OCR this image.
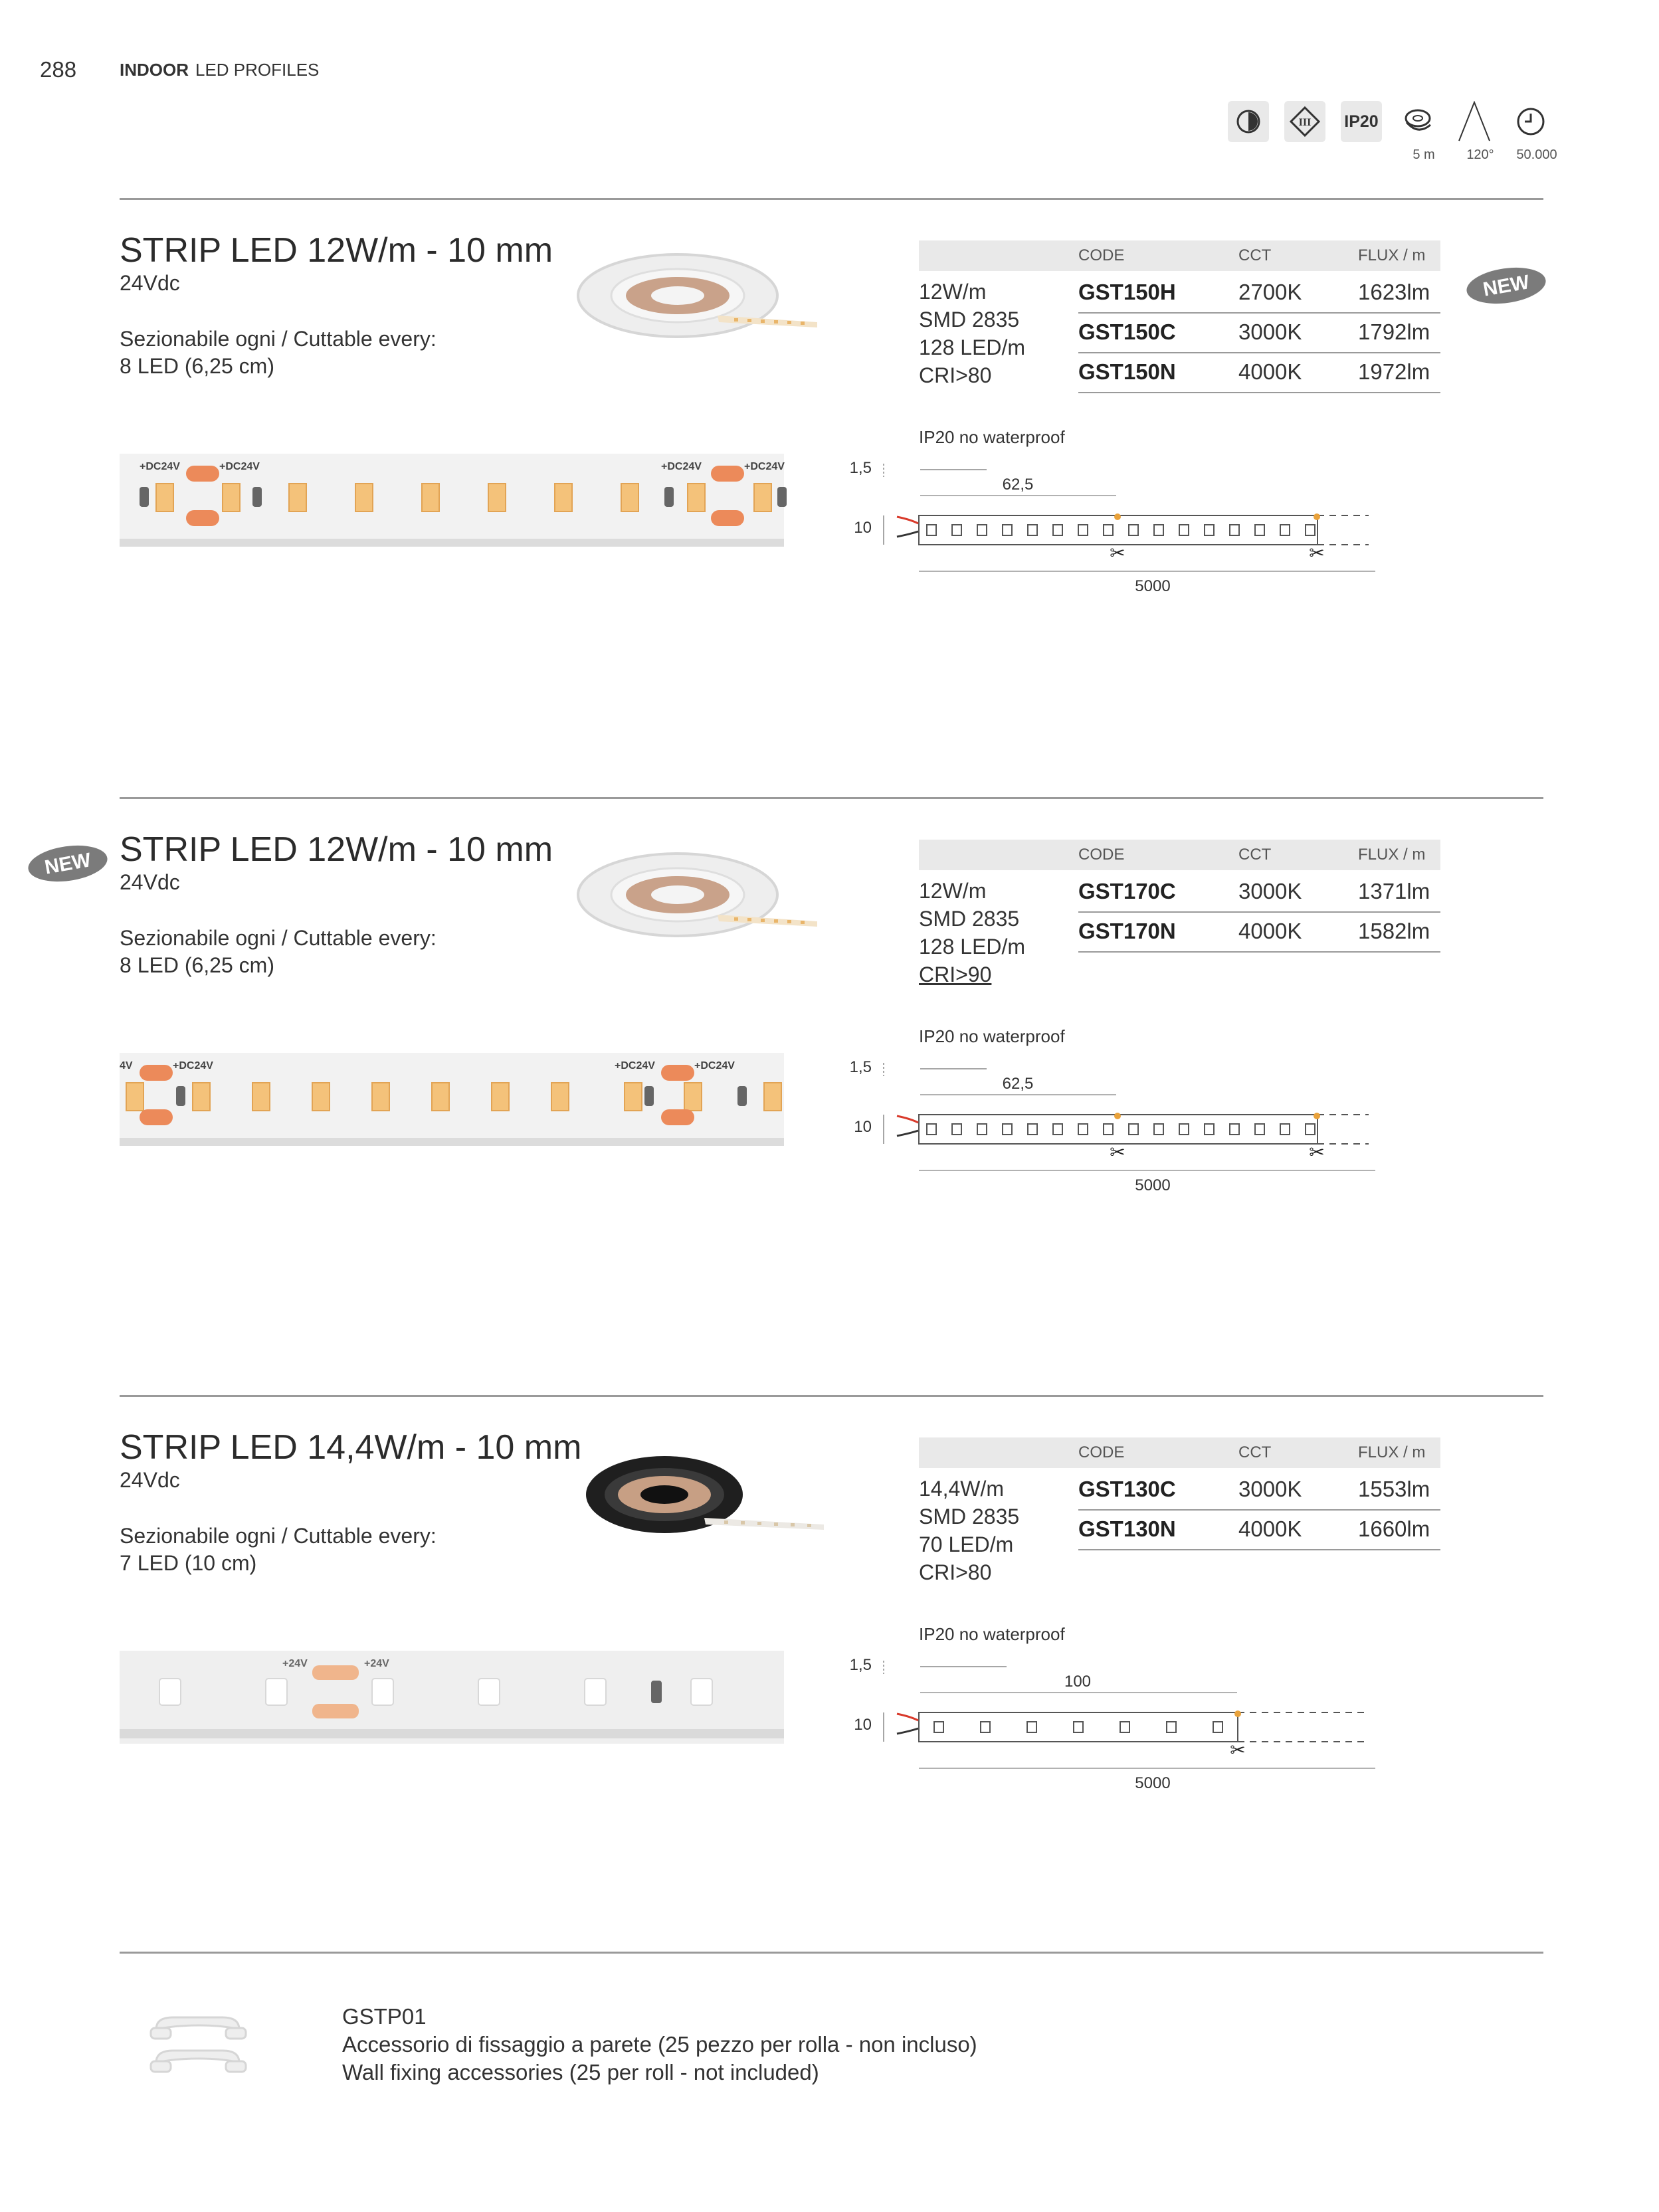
288 INDOOR LED PROFILES
III IP20
5 m	120°	50.000
STRIP LED 12W/m - 10 mm
24Vdc
Sezionabile ogni / Cuttable every:
8 LED (6,25 cm)
CODE	CCT	FLUX / m
12W/m
SMD 2835
128 LED/m
CRI>80
GST150H	2700K	1623lm
GST150C	3000K	1792lm
GST150N	4000K	1972lm
NEW
+DC24V	+DC24V	+DC24V	+DC24V
IP20 no waterproof
1,5
62,5
10
✂	✂
5000
NEW STRIP LED 12W/m - 10 mm
24Vdc
Sezionabile ogni / Cuttable every:
8 LED (6,25 cm)
CODE	CCT	FLUX / m
12W/m
SMD 2835
128 LED/m
CRI>90
GST170C	3000K	1371lm
GST170N	4000K	1582lm
4V	+DC24V	+DC24V	+DC24V
IP20 no waterproof
1,5
62,5
10
✂	✂
5000
STRIP LED 14,4W/m - 10 mm
24Vdc
Sezionabile ogni / Cuttable every:
7 LED (10 cm)
CODE	CCT	FLUX / m
14,4W/m
SMD 2835
70 LED/m
CRI>80
GST130C	3000K	1553lm
GST130N	4000K	1660lm
+24V	+24V
IP20 no waterproof
1,5
100
10
✂
5000
GSTP01
Accessorio di fissaggio a parete (25 pezzo per rolla - non incluso)
Wall fixing accessories (25 per roll - not included)
